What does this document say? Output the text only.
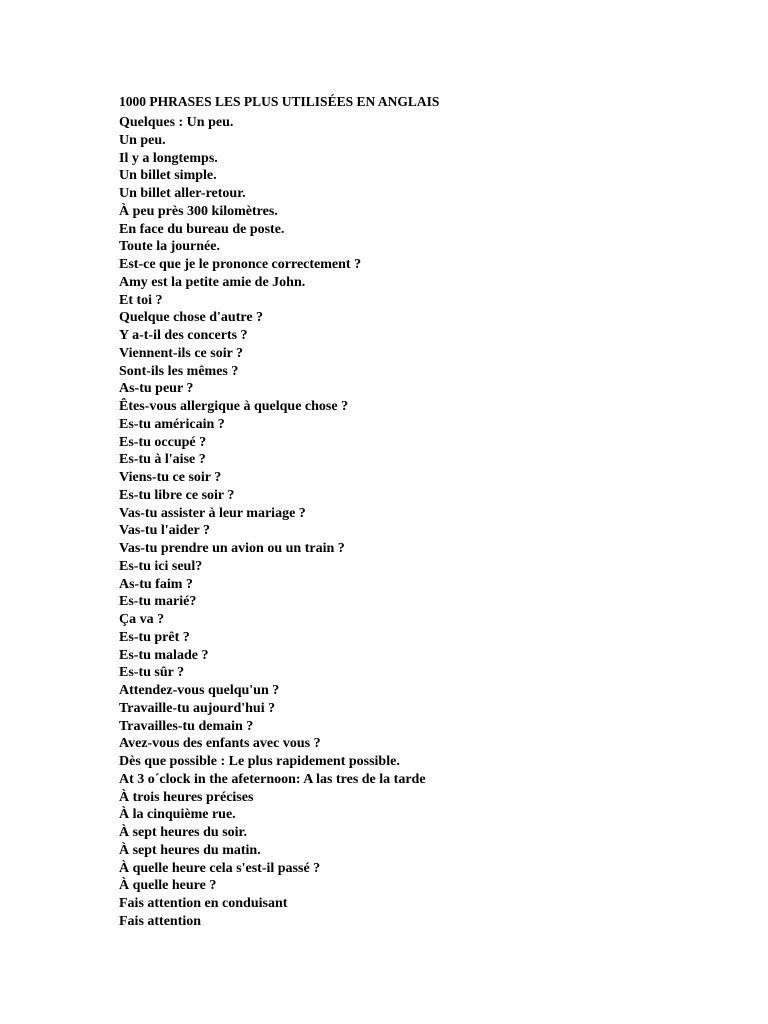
1000 PHRASES LES PLUS UTILISÉES EN ANGLAIS
Quelques : Un peu.
Un peu.
Il y a longtemps.
Un billet simple.
Un billet aller-retour.
À peu près 300 kilomètres.
En face du bureau de poste.
Toute la journée.
Est-ce que je le prononce correctement ?
Amy est la petite amie de John.
Et toi ?
Quelque chose d'autre ?
Y a-t-il des concerts ?
Viennent-ils ce soir ?
Sont-ils les mêmes ?
As-tu peur ?
Êtes-vous allergique à quelque chose ?
Es-tu américain ?
Es-tu occupé ?
Es-tu à l'aise ?
Viens-tu ce soir ?
Es-tu libre ce soir ?
Vas-tu assister à leur mariage ?
Vas-tu l'aider ?
Vas-tu prendre un avion ou un train ?
Es-tu ici seul?
As-tu faim ?
Es-tu marié?
Ça va ?
Es-tu prêt ?
Es-tu malade ?
Es-tu sûr ?
Attendez-vous quelqu'un ?
Travaille-tu aujourd'hui ?
Travailles-tu demain ?
Avez-vous des enfants avec vous ?
Dès que possible : Le plus rapidement possible.
At 3 o´clock in the afeternoon: A las tres de la tarde
À trois heures précises
À la cinquième rue.
À sept heures du soir.
À sept heures du matin.
À quelle heure cela s'est-il passé ?
À quelle heure ?
Fais attention en conduisant
Fais attention
